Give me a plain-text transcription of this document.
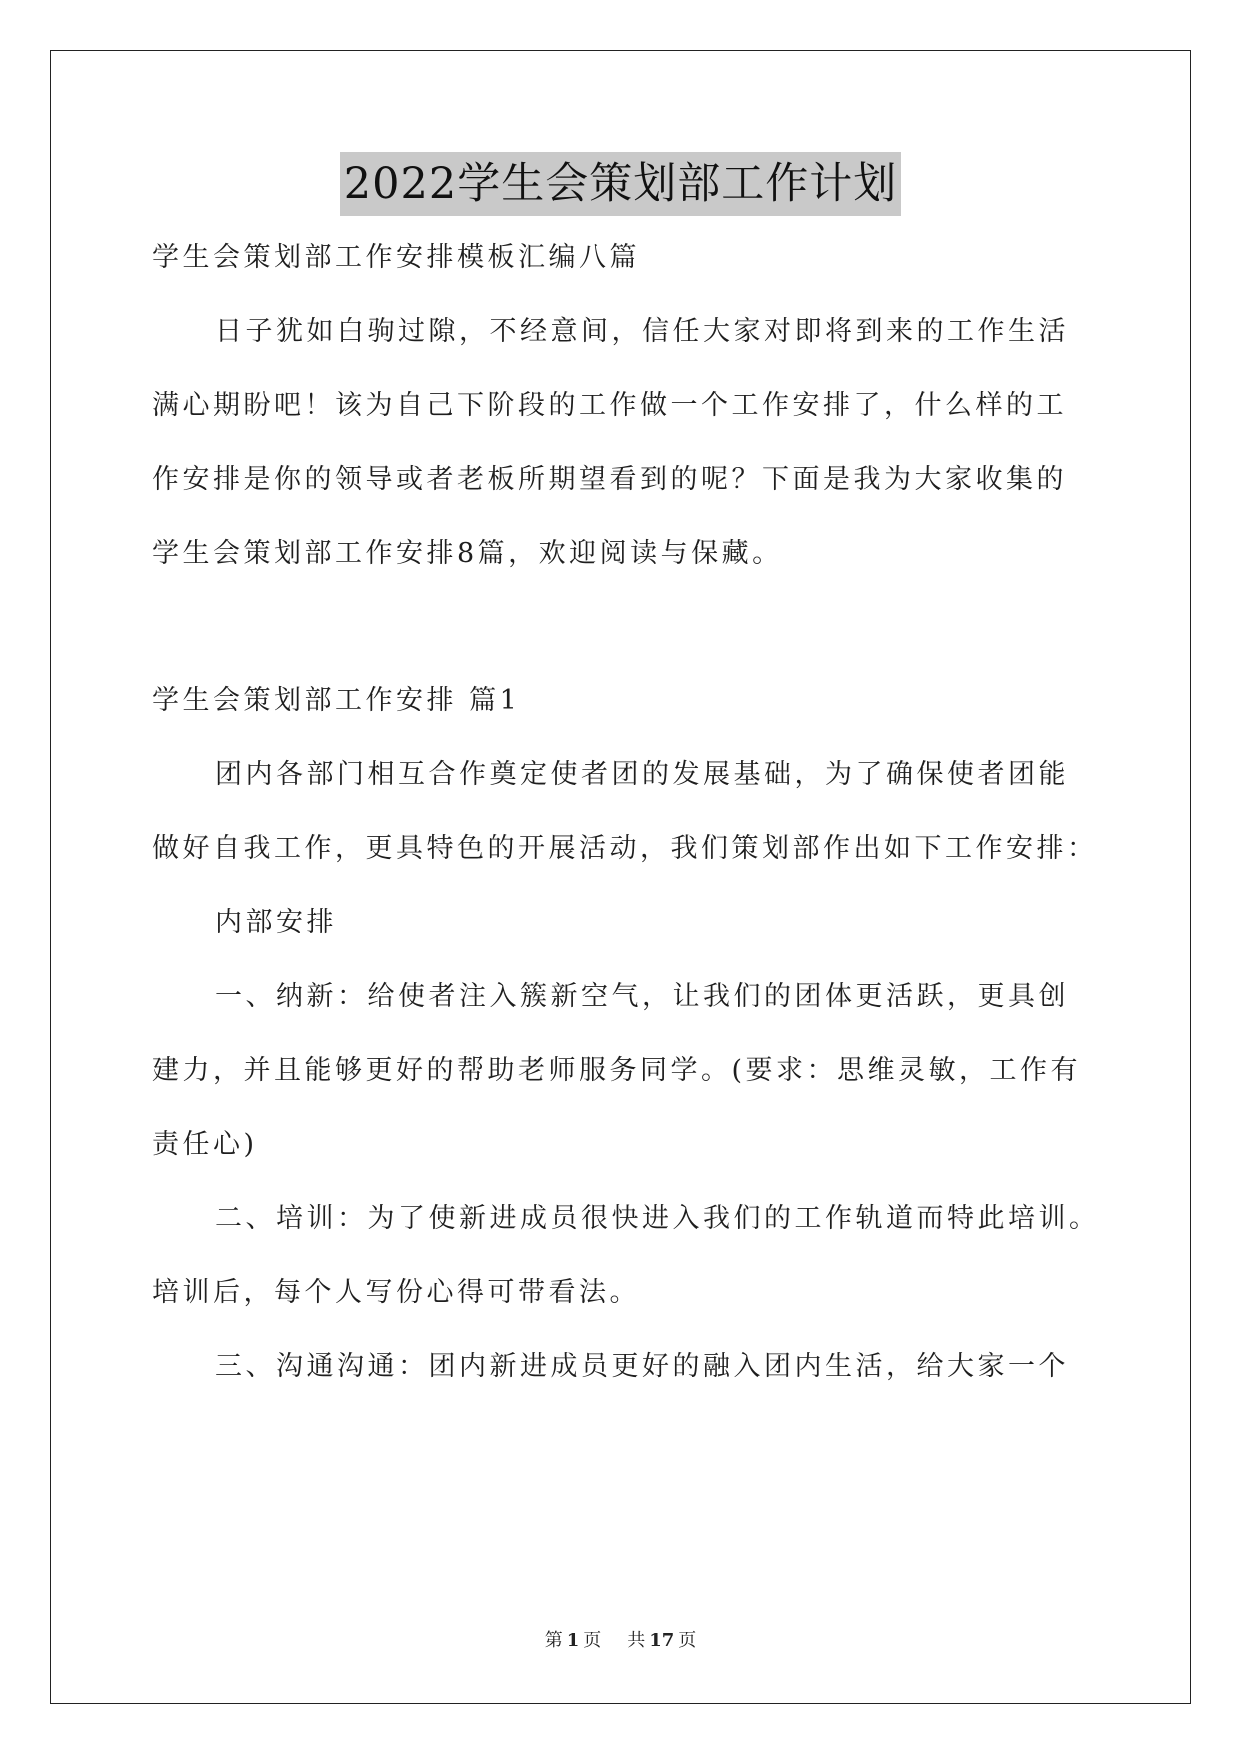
2022学生会策划部工作计划
学生会策划部工作安排模板汇编八篇
日子犹如白驹过隙，不经意间，信任大家对即将到来的工作生活
满心期盼吧！该为自己下阶段的工作做一个工作安排了，什么样的工
作安排是你的领导或者老板所期望看到的呢？下面是我为大家收集的
学生会策划部工作安排8篇，欢迎阅读与保藏。
学生会策划部工作安排 篇1
团内各部门相互合作奠定使者团的发展基础，为了确保使者团能
做好自我工作，更具特色的开展活动，我们策划部作出如下工作安排：
内部安排
一、纳新：给使者注入簇新空气，让我们的团体更活跃，更具创
建力，并且能够更好的帮助老师服务同学。(要求：思维灵敏，工作有
责任心)
二、培训：为了使新进成员很快进入我们的工作轨道而特此培训。
培训后，每个人写份心得可带看法。
三、沟通沟通：团内新进成员更好的融入团内生活，给大家一个
第 1 页 共 17 页
